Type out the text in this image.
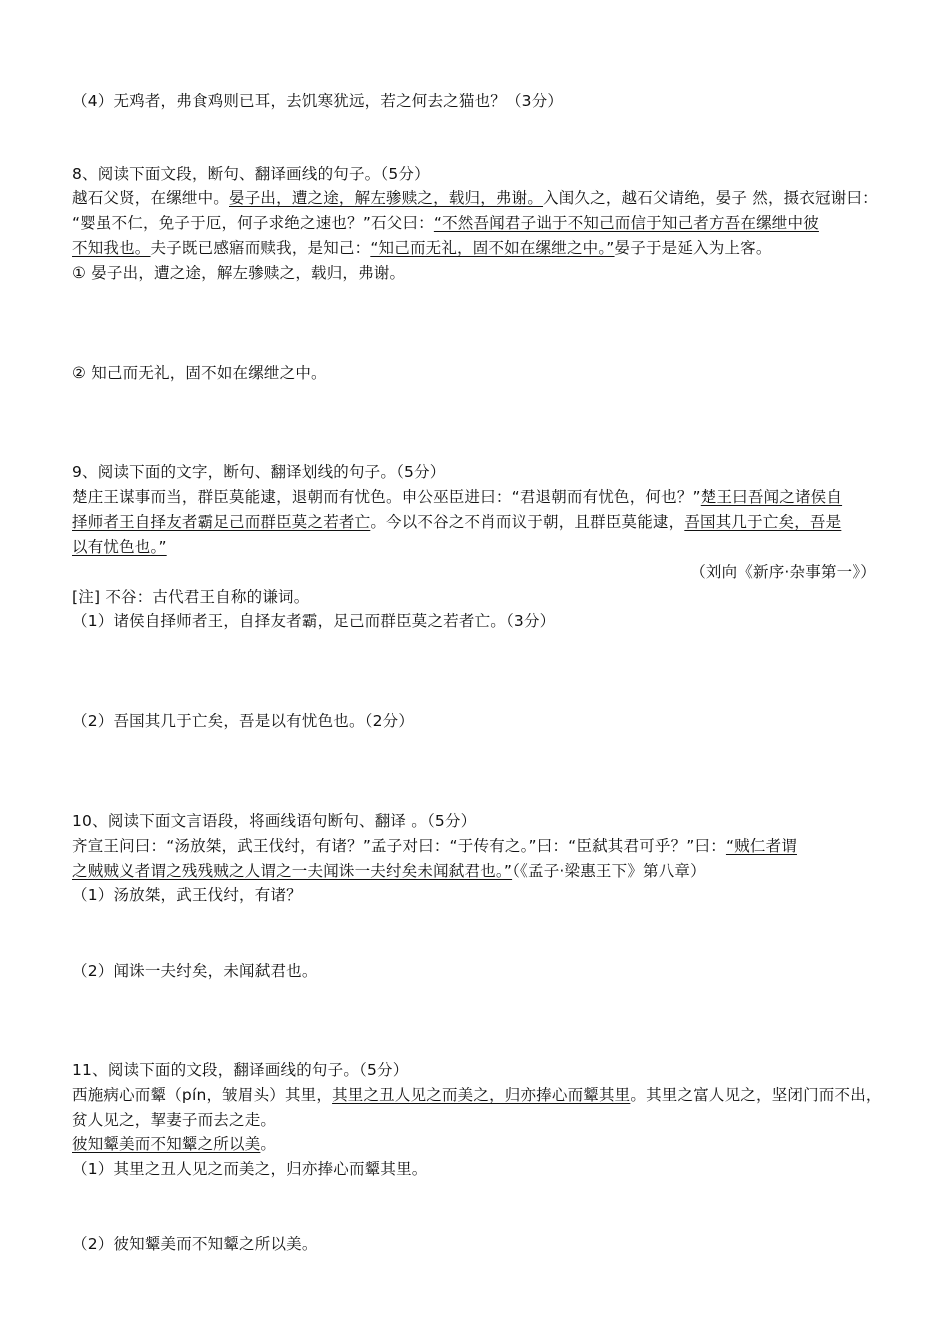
（4）无鸡者，弗食鸡则已耳，去饥寒犹远，若之何去之猫也？（3分）
8、阅读下面文段，断句、翻译画线的句子。（5分）
越石父贤，在缧绁中。晏子出，遭之途，解左骖赎之，载归，弗谢。入闺久之，越石父请绝，晏子 然，摄衣冠谢曰：
“婴虽不仁，免子于厄，何子求绝之速也？”石父曰：“不然吾闻君子诎于不知己而信于知己者方吾在缧绁中彼
不知我也。夫子既已感寤而赎我，是知己：“知己而无礼，固不如在缧绁之中。”晏子于是延入为上客。
① 晏子出，遭之途，解左骖赎之，载归，弗谢。
② 知己而无礼，固不如在缧绁之中。
9、阅读下面的文字，断句、翻译划线的句子。（5分）
楚庄王谋事而当，群臣莫能逮，退朝而有忧色。申公巫臣进曰：“君退朝而有忧色，何也？”楚王曰吾闻之诸侯自
择师者王自择友者霸足己而群臣莫之若者亡。今以不谷之不肖而议于朝，且群臣莫能逮，吾国其几于亡矣，吾是
以有忧色也。”
（刘向《新序·杂事第一》）
[注] 不谷：古代君王自称的谦词。
（1）诸侯自择师者王，自择友者霸，足己而群臣莫之若者亡。（3分）
（2）吾国其几于亡矣，吾是以有忧色也。（2分）
10、阅读下面文言语段，将画线语句断句、翻译 。（5分）
齐宣王问曰：“汤放桀，武王伐纣，有诸？”孟子对曰：“于传有之。”曰：“臣弑其君可乎？”曰：“贼仁者谓
之贼贼义者谓之残残贼之人谓之一夫闻诛一夫纣矣未闻弑君也。”（《孟子·梁惠王下》第八章）
（1）汤放桀，武王伐纣，有诸？
（2）闻诛一夫纣矣，未闻弑君也。
11、阅读下面的文段，翻译画线的句子。（5分）
西施病心而颦（pín，皱眉头）其里，其里之丑人见之而美之，归亦捧心而颦其里。其里之富人见之，坚闭门而不出，
贫人见之，挈妻子而去之走。
彼知颦美而不知颦之所以美。
（1）其里之丑人见之而美之，归亦捧心而颦其里。
（2）彼知颦美而不知颦之所以美。
